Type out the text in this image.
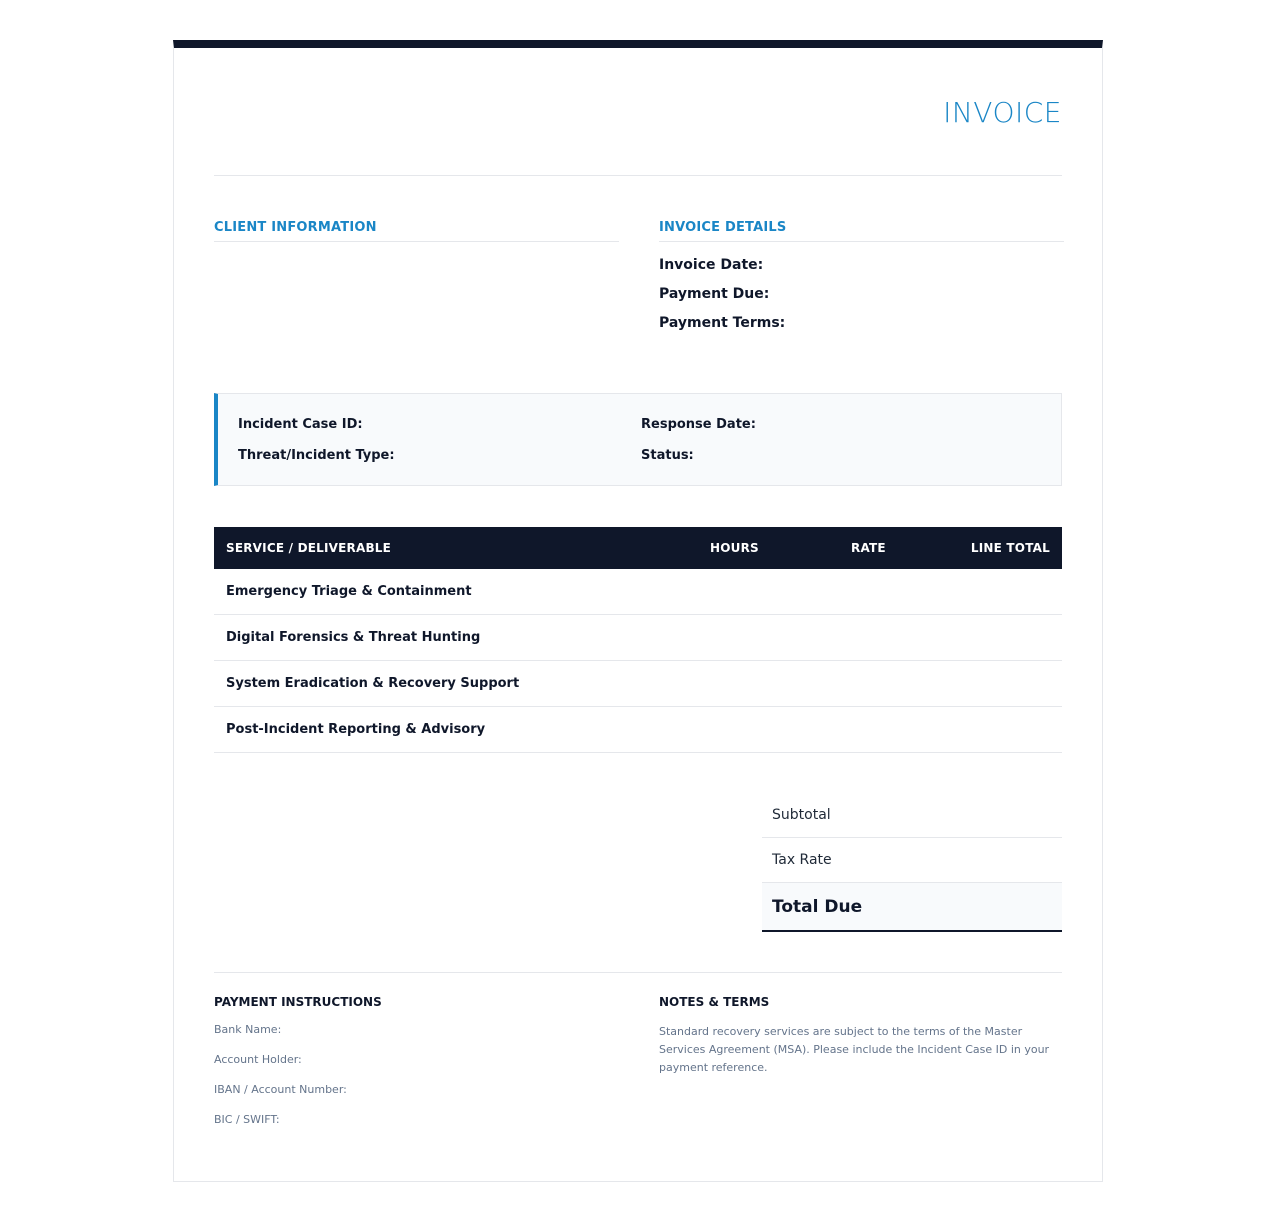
INVOICE
CLIENT INFORMATION	INVOICE DETAILS
Invoice Date:
Payment Due:
Payment Terms:
Incident Case ID:
Threat/Incident Type:
Response Date:
Status:
SERVICE / DELIVERABLE	HOURS	RATE	LINE TOTAL
Emergency Triage & Containment
Digital Forensics & Threat Hunting
System Eradication & Recovery Support
Post-Incident Reporting & Advisory
Subtotal
Tax Rate
Total Due
PAYMENT INSTRUCTIONS
Bank Name:
Account Holder:
IBAN / Account Number:
BIC / SWIFT:
NOTES & TERMS
Standard recovery services are subject to the terms of the Master Services Agreement (MSA). Please include the Incident Case ID in your payment reference.
